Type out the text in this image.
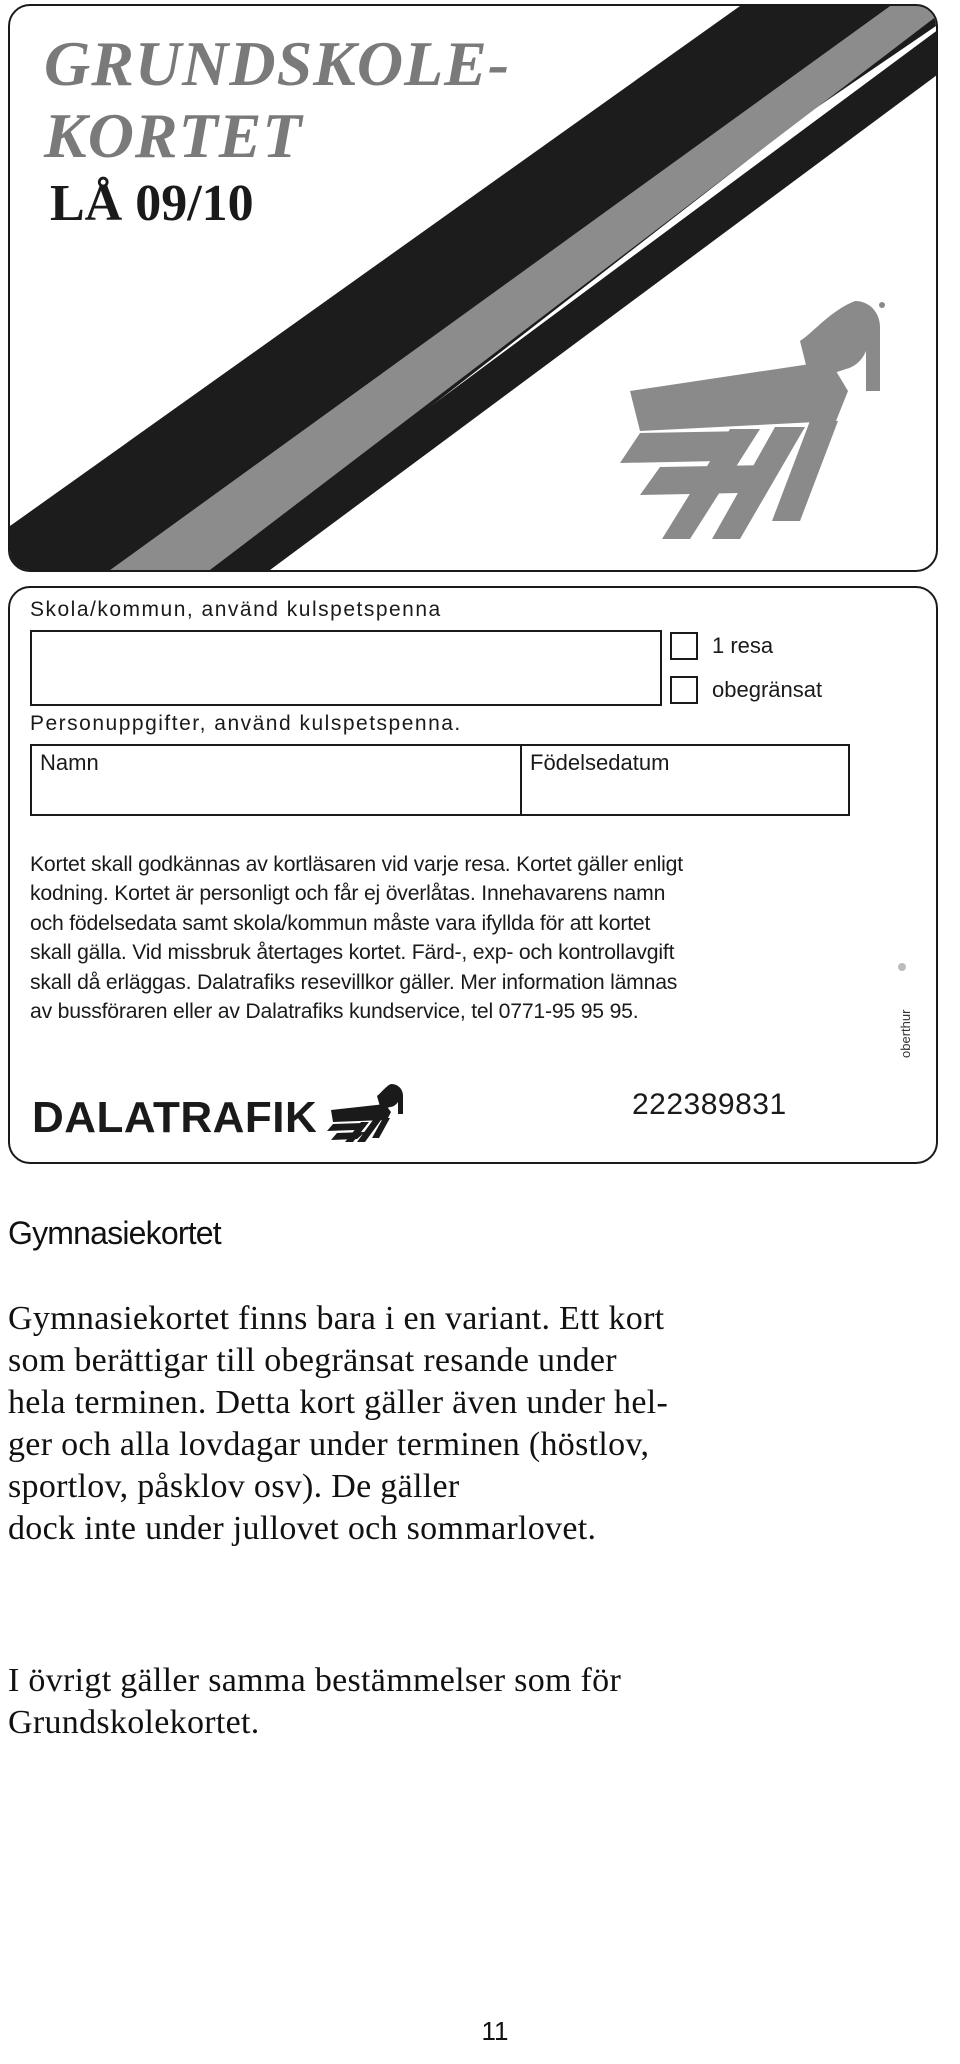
GRUNDSKOLE-
KORTET
LÅ 09/10
Skola/kommun, använd kulspetspenna
1 resa
obegränsat
Personuppgifter, använd kulspetspenna.
Namn	Födelsedatum
Kortet skall godkännas av kortläsaren vid varje resa. Kortet gäller enligt
kodning. Kortet är personligt och får ej överlåtas. Innehavarens namn
och födelsedata samt skola/kommun måste vara ifyllda för att kortet
skall gälla. Vid missbruk återtages kortet. Färd-, exp- och kontrollavgift
skall då erläggas. Dalatrafiks resevillkor gäller. Mer information lämnas
av bussföraren eller av Dalatrafiks kundservice, tel 0771-95 95 95.
DALATRAFIK	222389831
oberthur
Gymnasiekortet
Gymnasiekortet finns bara i en variant. Ett kort
som berättigar till obegränsat resande under
hela terminen. Detta kort gäller även under hel-
ger och alla lovdagar under terminen (höstlov,
sportlov, påsklov osv). De gäller
dock inte under jullovet och sommarlovet.
I övrigt gäller samma bestämmelser som för
Grundskolekortet.
11
